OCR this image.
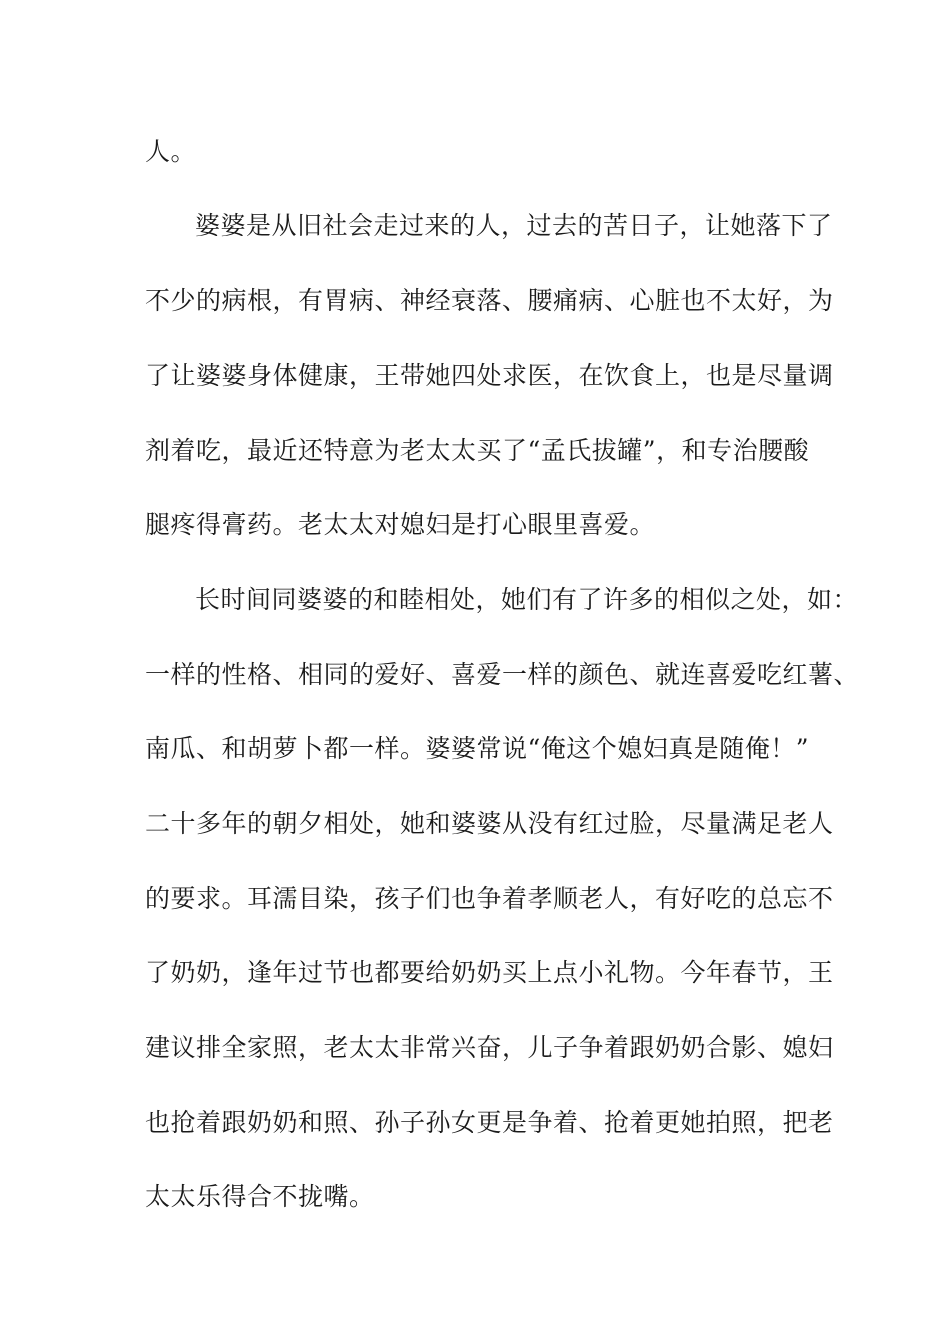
人。

婆婆是从旧社会走过来的人，过去的苦日子，让她落下了

不少的病根，有胃病、神经衰落、腰痛病、心脏也不太好，为

了让婆婆身体健康，王带她四处求医，在饮食上，也是尽量调

剂着吃，最近还特意为老太太买了“孟氏拔罐”，和专治腰酸

腿疼得膏药。老太太对媳妇是打心眼里喜爱。

长时间同婆婆的和睦相处，她们有了许多的相似之处，如：

一样的性格、相同的爱好、喜爱一样的颜色、就连喜爱吃红薯、

南瓜、和胡萝卜都一样。婆婆常说“俺这个媳妇真是随俺！”

二十多年的朝夕相处，她和婆婆从没有红过脸，尽量满足老人

的要求。耳濡目染，孩子们也争着孝顺老人，有好吃的总忘不

了奶奶，逢年过节也都要给奶奶买上点小礼物。今年春节，王

建议排全家照，老太太非常兴奋，儿子争着跟奶奶合影、媳妇

也抢着跟奶奶和照、孙子孙女更是争着、抢着更她拍照，把老

太太乐得合不拢嘴。
